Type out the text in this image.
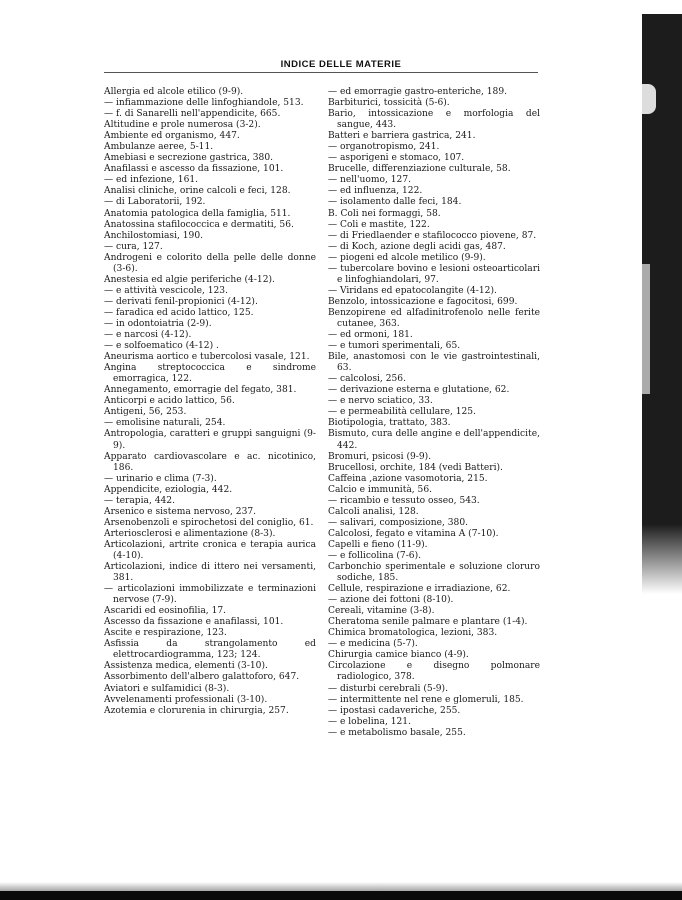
INDICE DELLE MATERIE
Allergia ed alcole etilico (9-9).
— infiammazione delle linfoghiandole, 513.
— f. di Sanarelli nell'appendicite, 665.
Altitudine e prole numerosa (3-2).
Ambiente ed organismo, 447.
Ambulanze aeree, 5-11.
Amebiasi e secrezione gastrica, 380.
Anafilassi e ascesso da fissazione, 101.
— ed infezione, 161.
Analisi cliniche, orine calcoli e feci, 128.
— di Laboratorii, 192.
Anatomia patologica della famiglia, 511.
Anatossina stafilococcica e dermatiti, 56.
Anchilostomiasi, 190.
— cura, 127.
Androgeni e colorito della pelle delle donne (3-6).
Anestesia ed algie periferiche (4-12).
— e attività vescicole, 123.
— derivati fenil-propionici (4-12).
— faradica ed acido lattico, 125.
— in odontoiatria (2-9).
— e narcosi (4-12).
— e solfoematico (4-12) .
Aneurisma aortico e tubercolosi vasale, 121.
Angina streptococcica e sindrome emorragica, 122.
Annegamento, emorragie del fegato, 381.
Anticorpi e acido lattico, 56.
Antigeni, 56, 253.
— emolisine naturali, 254.
Antropologia, caratteri e gruppi sanguigni (9-9).
Apparato cardiovascolare e ac. nicotinico, 186.
— urinario e clima (7-3).
Appendicite, eziologia, 442.
— terapia, 442.
Arsenico e sistema nervoso, 237.
Arsenobenzoli e spirochetosi del coniglio, 61.
Arteriosclerosi e alimentazione (8-3).
Articolazioni, artrite cronica e terapia aurica (4-10).
Articolazioni, indice di ittero nei versamenti, 381.
— articolazioni immobilizzate e terminazioni nervose (7-9).
Ascaridi ed eosinofilia, 17.
Ascesso da fissazione e anafilassi, 101.
Ascite e respirazione, 123.
Asfissia da strangolamento ed elettrocardiogramma, 123; 124.
Assistenza medica, elementi (3-10).
Assorbimento dell'albero galattoforo, 647.
Aviatori e sulfamidici (8-3).
Avvelenamenti professionali (3-10).
Azotemia e clorurenia in chirurgia, 257.
— ed emorragie gastro-enteriche, 189.
Barbiturici, tossicità (5-6).
Bario, intossicazione e morfologia del sangue, 443.
Batteri e barriera gastrica, 241.
— organotropismo, 241.
— asporigeni e stomaco, 107.
Brucelle, differenziazione culturale, 58.
— nell'uomo, 127.
— ed influenza, 122.
— isolamento dalle feci, 184.
B. Coli nei formaggi, 58.
— Coli e mastite, 122.
— di Friedlaender e stafilococco piovene, 87.
— di Koch, azione degli acidi gas, 487.
— piogeni ed alcole metilico (9-9).
— tubercolare bovino e lesioni osteoarticolari e linfoghiandolari, 97.
— Viridans ed epatocolangite (4-12).
Benzolo, intossicazione e fagocitosi, 699.
Benzopirene ed alfadinitrofenolo nelle ferite cutanee, 363.
— ed ormoni, 181.
— e tumori sperimentali, 65.
Bile, anastomosi con le vie gastrointestinali, 63.
— calcolosi, 256.
— derivazione esterna e glutatione, 62.
— e nervo sciatico, 33.
— e permeabilità cellulare, 125.
Biotipologia, trattato, 383.
Bismuto, cura delle angine e dell'appendicite, 442.
Bromuri, psicosi (9-9).
Brucellosi, orchite, 184 (vedi Batteri).
Caffeina ,azione vasomotoria, 215.
Calcio e immunità, 56.
— ricambio e tessuto osseo, 543.
Calcoli analisi, 128.
— salivari, composizione, 380.
Calcolosi, fegato e vitamina A (7-10).
Capelli e fieno (11-9).
— e follicolina (7-6).
Carbonchio sperimentale e soluzione cloruro sodiche, 185.
Cellule, respirazione e irradiazione, 62.
— azione dei fottoni (8-10).
Cereali, vitamine (3-8).
Cheratoma senile palmare e plantare (1-4).
Chimica bromatologica, lezioni, 383.
— e medicina (5-7).
Chirurgia camice bianco (4-9).
Circolazione e disegno polmonare radiologico, 378.
— disturbi cerebrali (5-9).
— intermittente nel rene e glomeruli, 185.
— ipostasi cadaveriche, 255.
— e lobelina, 121.
— e metabolismo basale, 255.
